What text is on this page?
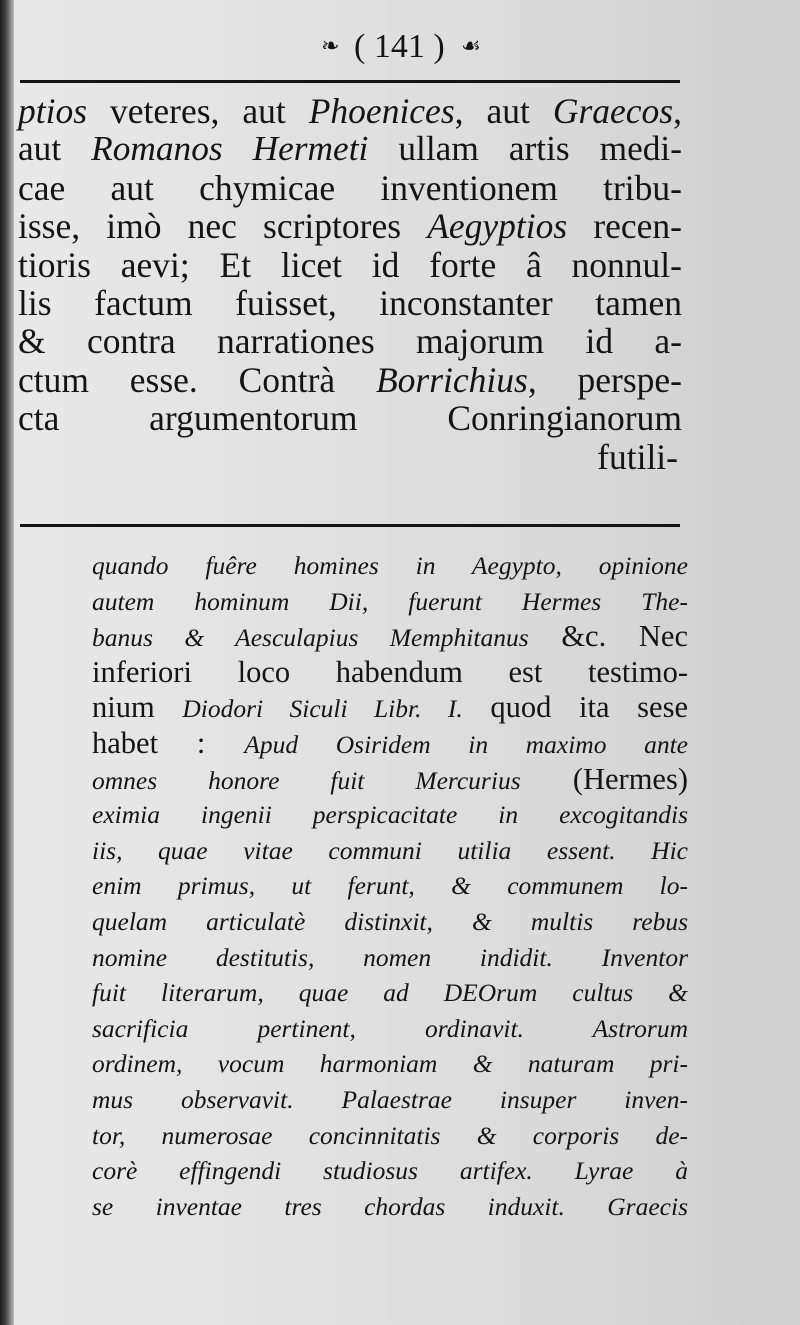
❧ ( 141 ) ☙
ptios veteres, aut Phoenices, aut Graecos,
aut Romanos Hermeti ullam artis medi-
cae aut chymicae inventionem tribu-
isse, imò nec scriptores Aegyptios recen-
tioris aevi; Et licet id forte â nonnul-
lis factum fuisset, inconstanter tamen
& contra narrationes majorum id a-
ctum esse. Contrà Borrichius, perspe-
cta argumentorum Conringianorum
futili-
quando fuêre homines in Aegypto, opinione
autem hominum Dii, fuerunt Hermes The-
banus & Aesculapius Memphitanus &c. Nec
inferiori loco habendum est testimo-
nium Diodori Siculi Libr. I. quod ita sese
habet : Apud Osiridem in maximo ante
omnes honore fuit Mercurius (Hermes)
eximia ingenii perspicacitate in excogitandis
iis, quae vitae communi utilia essent. Hic
enim primus, ut ferunt, & communem lo-
quelam articulatè distinxit, & multis rebus
nomine destitutis, nomen indidit. Inventor
fuit literarum, quae ad DEOrum cultus &
sacrificia pertinent, ordinavit. Astrorum
ordinem, vocum harmoniam & naturam pri-
mus observavit. Palaestrae insuper inven-
tor, numerosae concinnitatis & corporis de-
corè effingendi studiosus artifex. Lyrae à
se inventae tres chordas induxit. Graecis
